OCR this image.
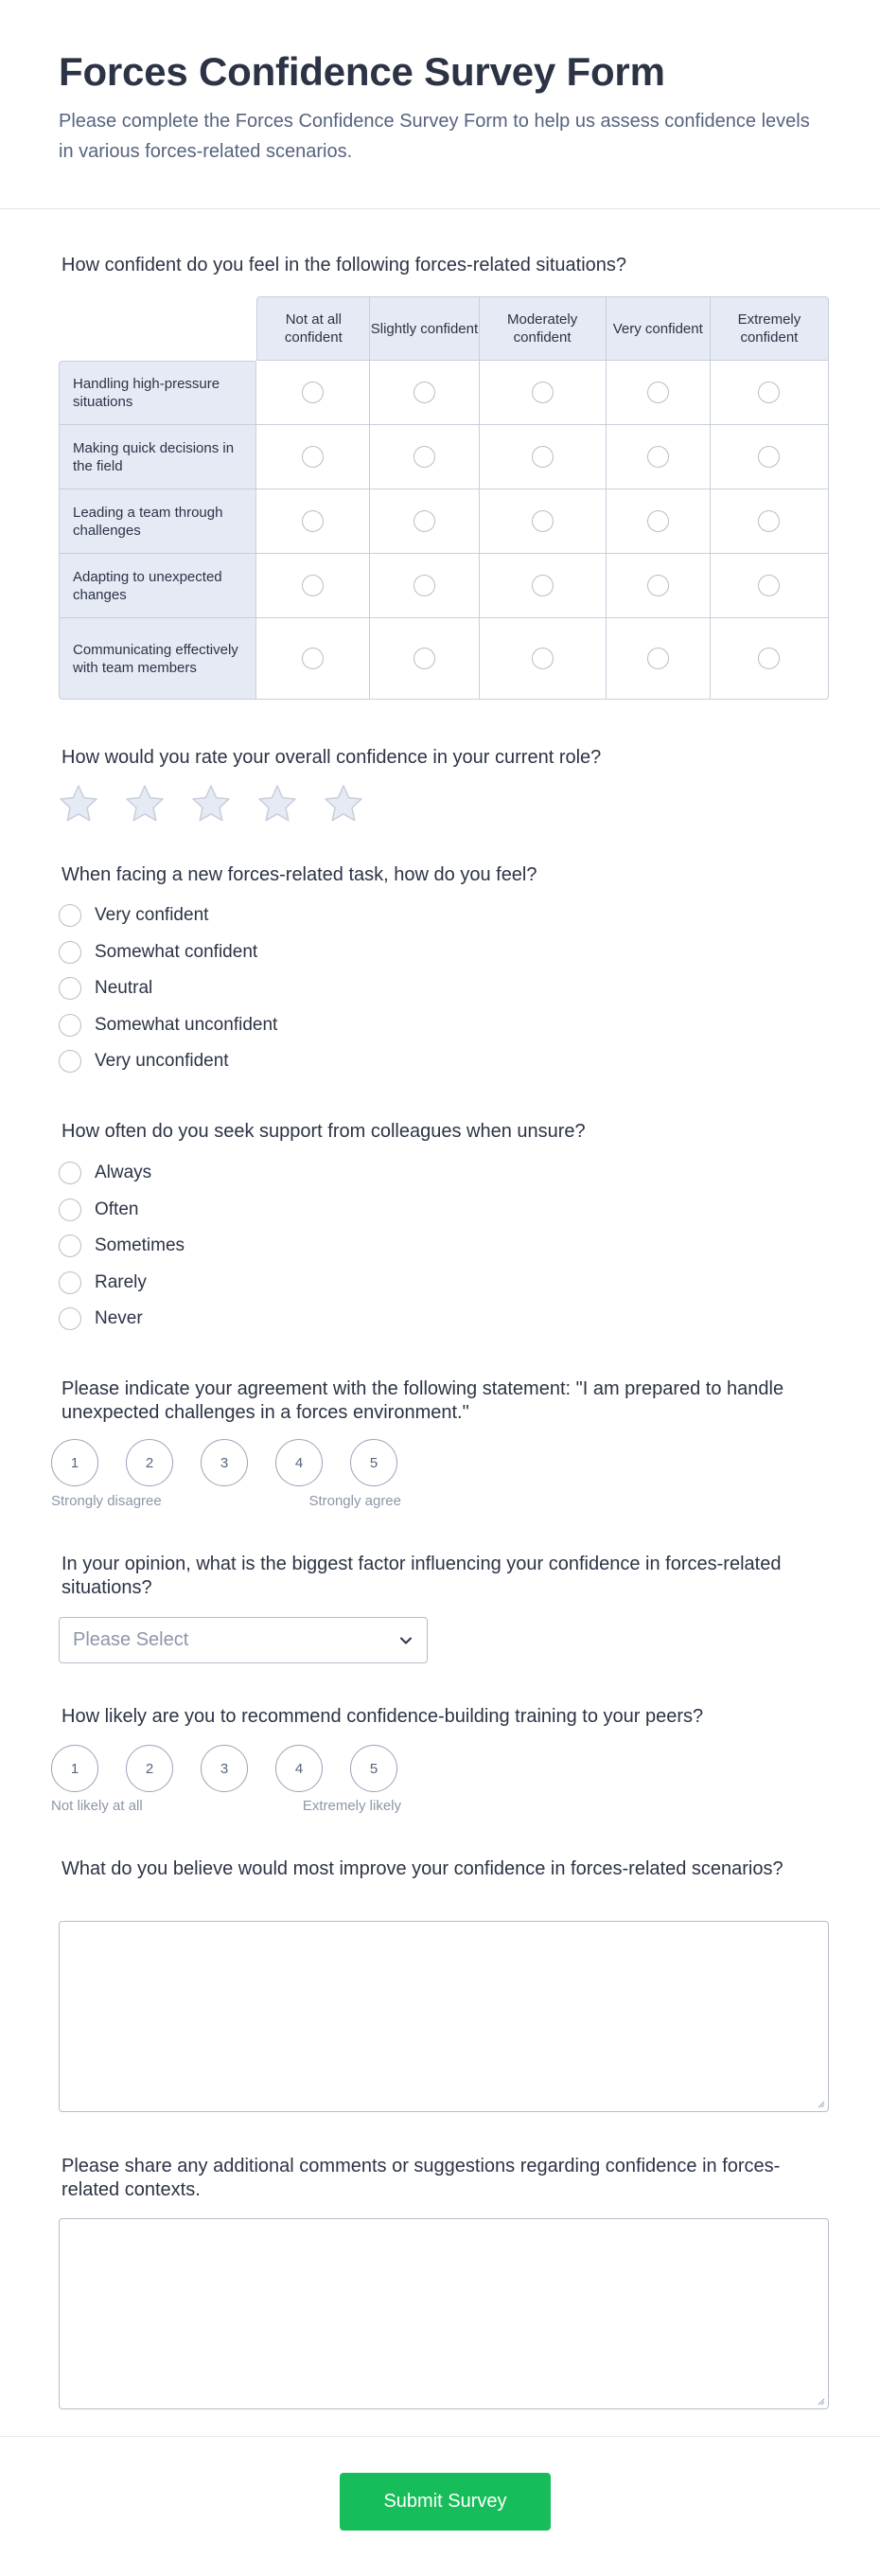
Forces Confidence Survey Form

Please complete the Forces Confidence Survey Form to help us assess confidence levels in various forces-related scenarios.

How confident do you feel in the following forces-related situations?
	Not at all confident	Slightly confident	Moderately confident	Very confident	Extremely confident
Handling high-pressure situations					
Making quick decisions in the field					
Leading a team through challenges					
Adapting to unexpected changes					
Communicating effectively with team members					
How would you rate your overall confidence in your current role?
When facing a new forces-related task, how do you feel?
Very confident
Somewhat confident
Neutral
Somewhat unconfident
Very unconfident
How often do you seek support from colleagues when unsure?
Always
Often
Sometimes
Rarely
Never
Please indicate your agreement with the following statement: "I am prepared to handle unexpected challenges in a forces environment."
1	2	3	4	5
Strongly disagree	Strongly agree
In your opinion, what is the biggest factor influencing your confidence in forces-related situations?
Please Select
How likely are you to recommend confidence-building training to your peers?
1	2	3	4	5
Not likely at all	Extremely likely
What do you believe would most improve your confidence in forces-related scenarios?
Please share any additional comments or suggestions regarding confidence in forces-related contexts.
Submit Survey
